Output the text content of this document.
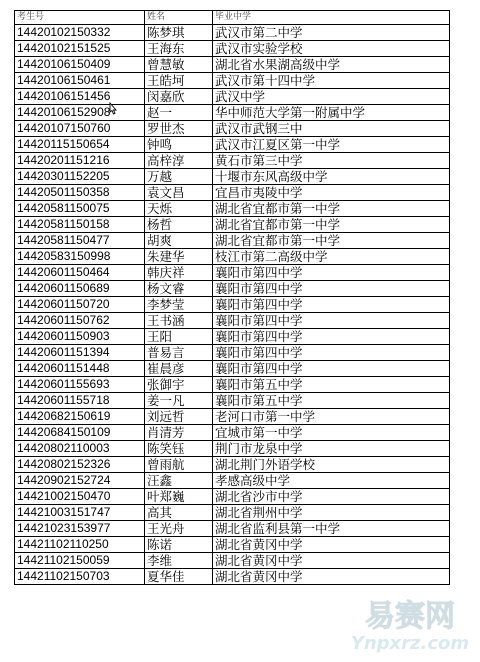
考生号	姓名	毕业中学
14420102150332	陈梦琪	武汉市第二中学
14420102151525	王海东	武汉市实验学校
14420106150409	曾慧敏	湖北省水果湖高级中学
14420106150461	王皓坷	武汉市第十四中学
14420106151456	闵嘉欣	武汉中学
14420106152908	赵一	华中师范大学第一附属中学
14420107150760	罗世杰	武汉市武钢三中
14420115150654	钟鸣	武汉市江夏区第一中学
14420201151216	高梓淳	黄石市第三中学
14420301152205	万越	十堰市东风高级中学
14420501150358	袁文昌	宜昌市夷陵中学
14420581150075	天烁	湖北省宜都市第一中学
14420581150158	杨哲	湖北省宜都市第一中学
14420581150477	胡爽	湖北省宜都市第一中学
14420583150998	朱建华	枝江市第二高级中学
14420601150464	韩庆祥	襄阳市第四中学
14420601150689	杨文睿	襄阳市第四中学
14420601150720	李梦莹	襄阳市第四中学
14420601150762	王书涵	襄阳市第四中学
14420601150903	王阳	襄阳市第四中学
14420601151394	普易言	襄阳市第四中学
14420601151448	崔晨彦	襄阳市第四中学
14420601155693	张御宇	襄阳市第五中学
14420601155718	姜一凡	襄阳市第五中学
14420682150619	刘远哲	老河口市第一中学
14420684150109	肖清芳	宜城市第一中学
14420802110003	陈笑钰	荆门市龙泉中学
14420802152326	曾雨航	湖北荆门外语学校
14420902152724	汪鑫	孝感高级中学
14421002150470	叶郑巍	湖北省沙市中学
14421003151747	高其	湖北省荆州中学
14421023153977	王光舟	湖北省监利县第一中学
14421102110250	陈诺	湖北省黄冈中学
14421102150059	李维	湖北省黄冈中学
14421102150703	夏华佳	湖北省黄冈中学
易赛网
Ynpxrz.com
